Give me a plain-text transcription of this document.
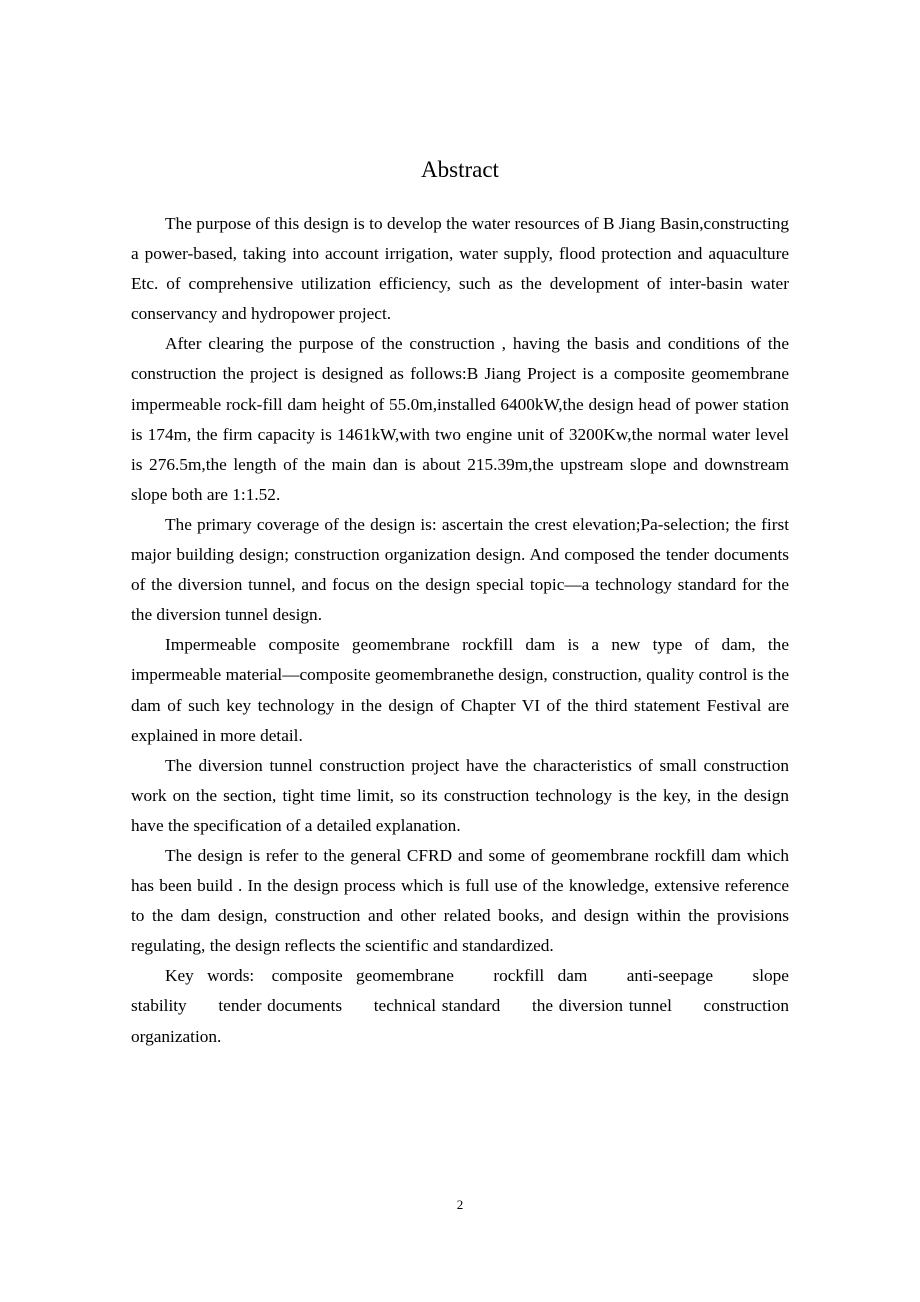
Abstract

The purpose of this design is to develop the water resources of B Jiang Basin,constructing a power-based, taking into account irrigation, water supply, flood protection and aquaculture Etc. of comprehensive utilization efficiency, such as the development of inter-basin water conservancy and hydropower project.

After clearing the purpose of the construction , having the basis and conditions of the construction the project is designed as follows:B Jiang Project is a composite geomembrane impermeable rock-fill dam height of 55.0m,installed 6400kW,the design head of power station is 174m, the firm capacity is 1461kW,with two engine unit of 3200Kw,the normal water level is 276.5m,the length of the main dan is about 215.39m,the upstream slope and downstream slope both are 1:1.52.

The primary coverage of the design is: ascertain the crest elevation;Pa-selection; the first major building design; construction organization design. And composed the tender documents of the diversion tunnel, and focus on the design special topic—a technology standard for the the diversion tunnel design.

Impermeable composite geomembrane rockfill dam is a new type of dam, the impermeable material—composite geomembranethe design, construction, quality control is the dam of such key technology in the design of Chapter VI of the third statement Festival are explained in more detail.

The diversion tunnel construction project have the characteristics of small construction work on the section, tight time limit, so its construction technology is the key, in the design have the specification of a detailed explanation.

The design is refer to the general CFRD and some of geomembrane rockfill dam which has been build . In the design process which is full use of the knowledge, extensive reference to the dam design, construction and other related books, and design within the provisions regulating, the design reflects the scientific and standardized.

Key words: composite geomembrane rockfill dam anti-seepage slope stability tender documents technical standard the diversion tunnel construction organization.

2
